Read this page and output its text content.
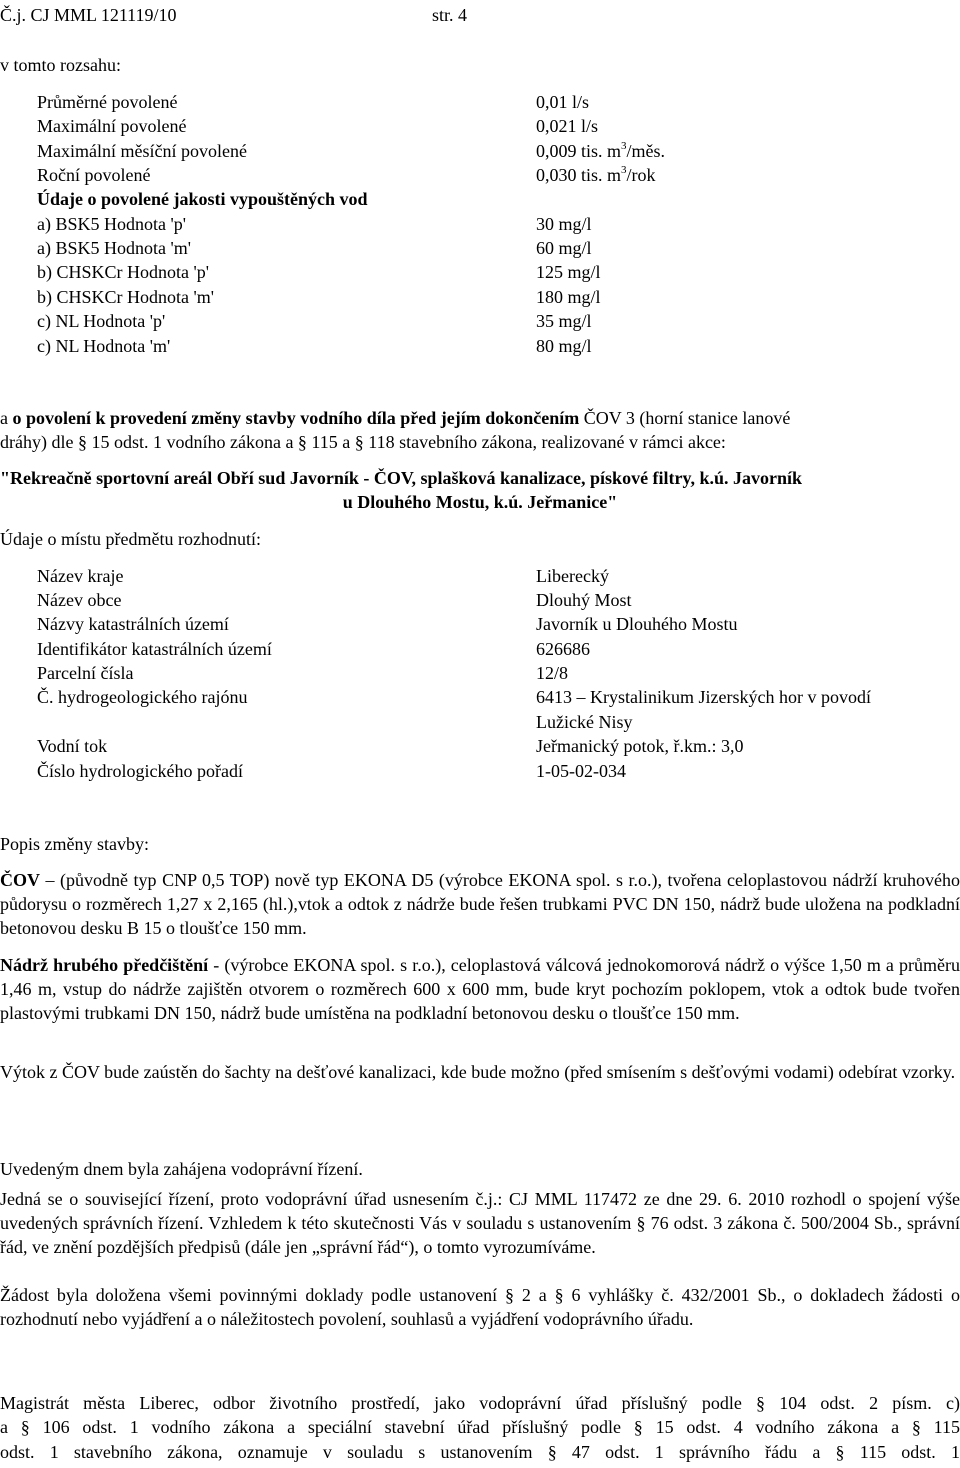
Č.j. CJ MML 121119/10	str. 4
v tomto rozsahu:
Průměrné povolené	0,01 l/s
Maximální povolené	0,021 l/s
Maximální měsíční povolené	0,009 tis. $m^3$/měs.
Roční povolené	0,030 tis. $m^3$/rok
Údaje o povolené jakosti vypouštěných vod
a) BSK5 Hodnota 'p'	30 mg/l
a) BSK5 Hodnota 'm'	60 mg/l
b) CHSKCr Hodnota 'p'	125 mg/l
b) CHSKCr Hodnota 'm'	180 mg/l
c) NL Hodnota 'p'	35 mg/l
c) NL Hodnota 'm'	80 mg/l
a o povolení k provedení změny stavby vodního díla před jejím dokončením ČOV 3 (horní stanice lanové
dráhy) dle § 15 odst. 1 vodního zákona a § 115 a § 118 stavebního zákona, realizované v rámci akce:
"Rekreačně sportovní areál Obří sud Javorník - ČOV, splašková kanalizace, pískové filtry, k.ú. Javorník
u Dlouhého Mostu, k.ú. Jeřmanice"
Údaje o místu předmětu rozhodnutí:
Název kraje	Liberecký
Název obce	Dlouhý Most
Názvy katastrálních území	Javorník u Dlouhého Mostu
Identifikátor katastrálních území	626686
Parcelní čísla	12/8
Č. hydrogeologického rajónu	6413 – Krystalinikum Jizerských hor v povodí
Lužické Nisy
Vodní tok	Jeřmanický potok, ř.km.: 3,0
Číslo hydrologického pořadí	1-05-02-034
Popis změny stavby:
ČOV – (původně typ CNP 0,5 TOP) nově typ EKONA D5 (výrobce EKONA spol. s r.o.), tvořena celoplastovou nádrží kruhového půdorysu o rozměrech 1,27 x 2,165 (hl.),vtok a odtok z nádrže bude řešen trubkami PVC DN 150, nádrž bude uložena na podkladní betonovou desku B 15 o tloušťce 150 mm.
Nádrž hrubého předčištění - (výrobce EKONA spol. s r.o.), celoplastová válcová jednokomorová nádrž o výšce 1,50 m a průměru 1,46 m, vstup do nádrže zajištěn otvorem o rozměrech 600 x 600 mm, bude kryt pochozím poklopem, vtok a odtok bude tvořen plastovými trubkami DN 150, nádrž bude umístěna na podkladní betonovou desku o tloušťce 150 mm.
Výtok z ČOV bude zaústěn do šachty na dešťové kanalizaci, kde bude možno (před smísením s dešťovými vodami) odebírat vzorky.
Uvedeným dnem byla zahájena vodoprávní řízení.
Jedná se o související řízení, proto vodoprávní úřad usnesením č.j.: CJ MML 117472 ze dne 29. 6. 2010 rozhodl o spojení výše uvedených správních řízení. Vzhledem k této skutečnosti Vás v souladu s ustanovením § 76 odst. 3 zákona č. 500/2004 Sb., správní řád, ve znění pozdějších předpisů (dále jen „správní řád“), o tomto vyrozumíváme.
Žádost byla doložena všemi povinnými doklady podle ustanovení § 2 a § 6 vyhlášky č. 432/2001 Sb., o dokladech žádosti o rozhodnutí nebo vyjádření a o náležitostech povolení, souhlasů a vyjádření vodoprávního úřadu.
Magistrát města Liberec, odbor životního prostředí, jako vodoprávní úřad příslušný podle § 104 odst. 2 písm. c)
a § 106 odst. 1 vodního zákona a speciální stavební úřad příslušný podle § 15 odst. 4 vodního zákona a § 115
odst. 1 stavebního zákona, oznamuje v souladu s ustanovením § 47 odst. 1 správního řádu a § 115 odst. 1
